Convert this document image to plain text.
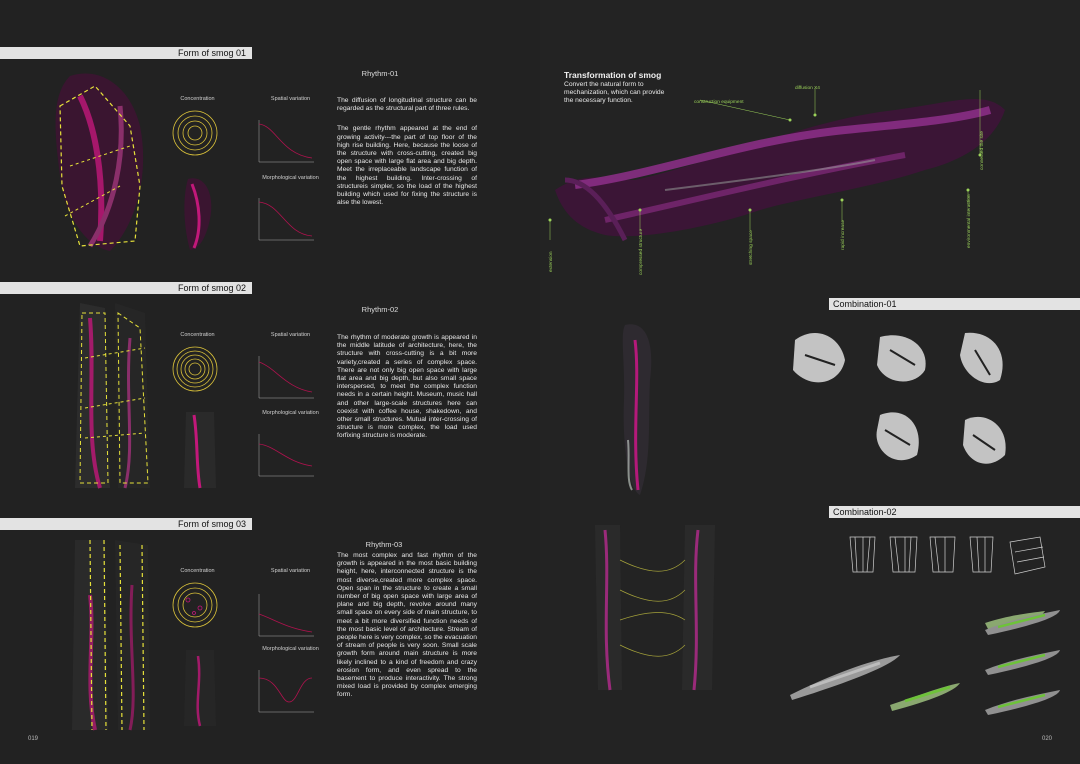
Form of smog 01
Rhythm-01
Concentration	Spatial variation
Morphological variation

The diffusion of longitudinal structure can be regarded as the structural part of three rules.

The gentle rhythm appeared at the end of growing activity---the part of top floor of the high rise building. Here, because the loose of the structure with cross-cutting, created big open space with large flat area and big depth. Meet the irreplaceable landscape function of the highest building. Inter-crossing of structureis simpler, so the load of the highest building which used for fixing the structure is alse the lowest.

Form of smog 02
Rhythm-02
Concentration	Spatial variation
Morphological variation

The rhythm of moderate growth is appeared in the middle latitude of architecture, here, the structure with cross-cutting is a bit more variety,created a series of complex space. There are not only big open space with large flat area and big depth, but also small space interspersed, to meet the complex function needs in a certain height. Museum, music hall and other large-scale structures here can coexist with coffee house, shakedown, and other small structures. Mutual inter-crossing of structure is more complex, the load used forfixing structure is moderate.

Form of smog 03
Rhythm-03
Concentration	Spatial variation
Morphological variation

The most complex and fast rhythm of the growth is appeared in the most basic building height, here, interconnected structure is the most diverse,created more complex space. Open span in the structure to create a small number of big open space with large area of plane and big depth, revolve around many small space on every side of main structure, to meet a bit more diversified function needs of the most basic level of architecture. Stream of people here is very complex, so the evacuation of stream of people is very soon. Small scale growth form around main structure is more likely inclined to a kind of freedom and crazy erosion form, and even spread to the basement to produce interactivity. The strong mixed load is provided by complex emerging form.

019
Transformation of smog
Convert the natural form to mechanization, which can provide the necessary function.
diffusion X4
construction equipment
connected the site
extension	compressed structure	stretching space	rapid increase	environmental interaction
Combination-01
Combination-02
020
